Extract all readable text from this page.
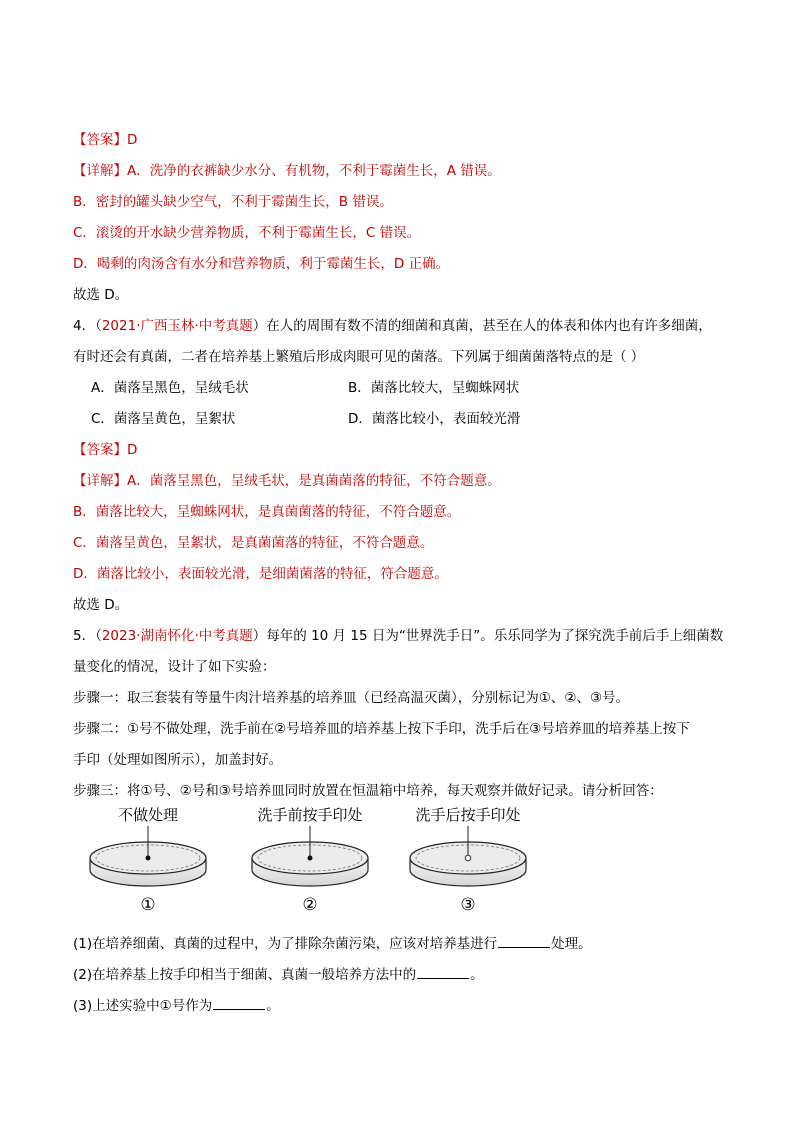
【答案】D
【详解】A．洗净的衣裤缺少水分、有机物，不利于霉菌生长，A 错误。
B．密封的罐头缺少空气，不利于霉菌生长，B 错误。
C．滚烫的开水缺少营养物质，不利于霉菌生长，C 错误。
D．喝剩的肉汤含有水分和营养物质，利于霉菌生长，D 正确。
故选 D。
4．（2021·广西玉林·中考真题）在人的周围有数不清的细菌和真菌，甚至在人的体表和体内也有许多细菌，
有时还会有真菌，二者在培养基上繁殖后形成肉眼可见的菌落。下列属于细菌菌落特点的是（ ）
A．菌落呈黑色，呈绒毛状	B．菌落比较大，呈蜘蛛网状
C．菌落呈黄色，呈絮状	D．菌落比较小，表面较光滑
【答案】D
【详解】A．菌落呈黑色，呈绒毛状，是真菌菌落的特征，不符合题意。
B．菌落比较大，呈蜘蛛网状，是真菌菌落的特征，不符合题意。
C．菌落呈黄色，呈絮状，是真菌菌落的特征，不符合题意。
D．菌落比较小，表面较光滑，是细菌菌落的特征，符合题意。
故选 D。
5．（2023·湖南怀化·中考真题）每年的 10 月 15 日为“世界洗手日”。乐乐同学为了探究洗手前后手上细菌数
量变化的情况，设计了如下实验：
步骤一：取三套装有等量牛肉汁培养基的培养皿（已经高温灭菌），分别标记为①、②、③号。
步骤二：①号不做处理，洗手前在②号培养皿的培养基上按下手印，洗手后在③号培养皿的培养基上按下
手印（处理如图所示），加盖封好。
步骤三：将①号、②号和③号培养皿同时放置在恒温箱中培养，每天观察并做好记录。请分析回答：
不做处理
①
洗手前按手印处
②
洗手后按手印处
③
(1)在培养细菌、真菌的过程中，为了排除杂菌污染，应该对培养基进行	处理。
(2)在培养基上按手印相当于细菌、真菌一般培养方法中的	。
(3)上述实验中①号作为	。
